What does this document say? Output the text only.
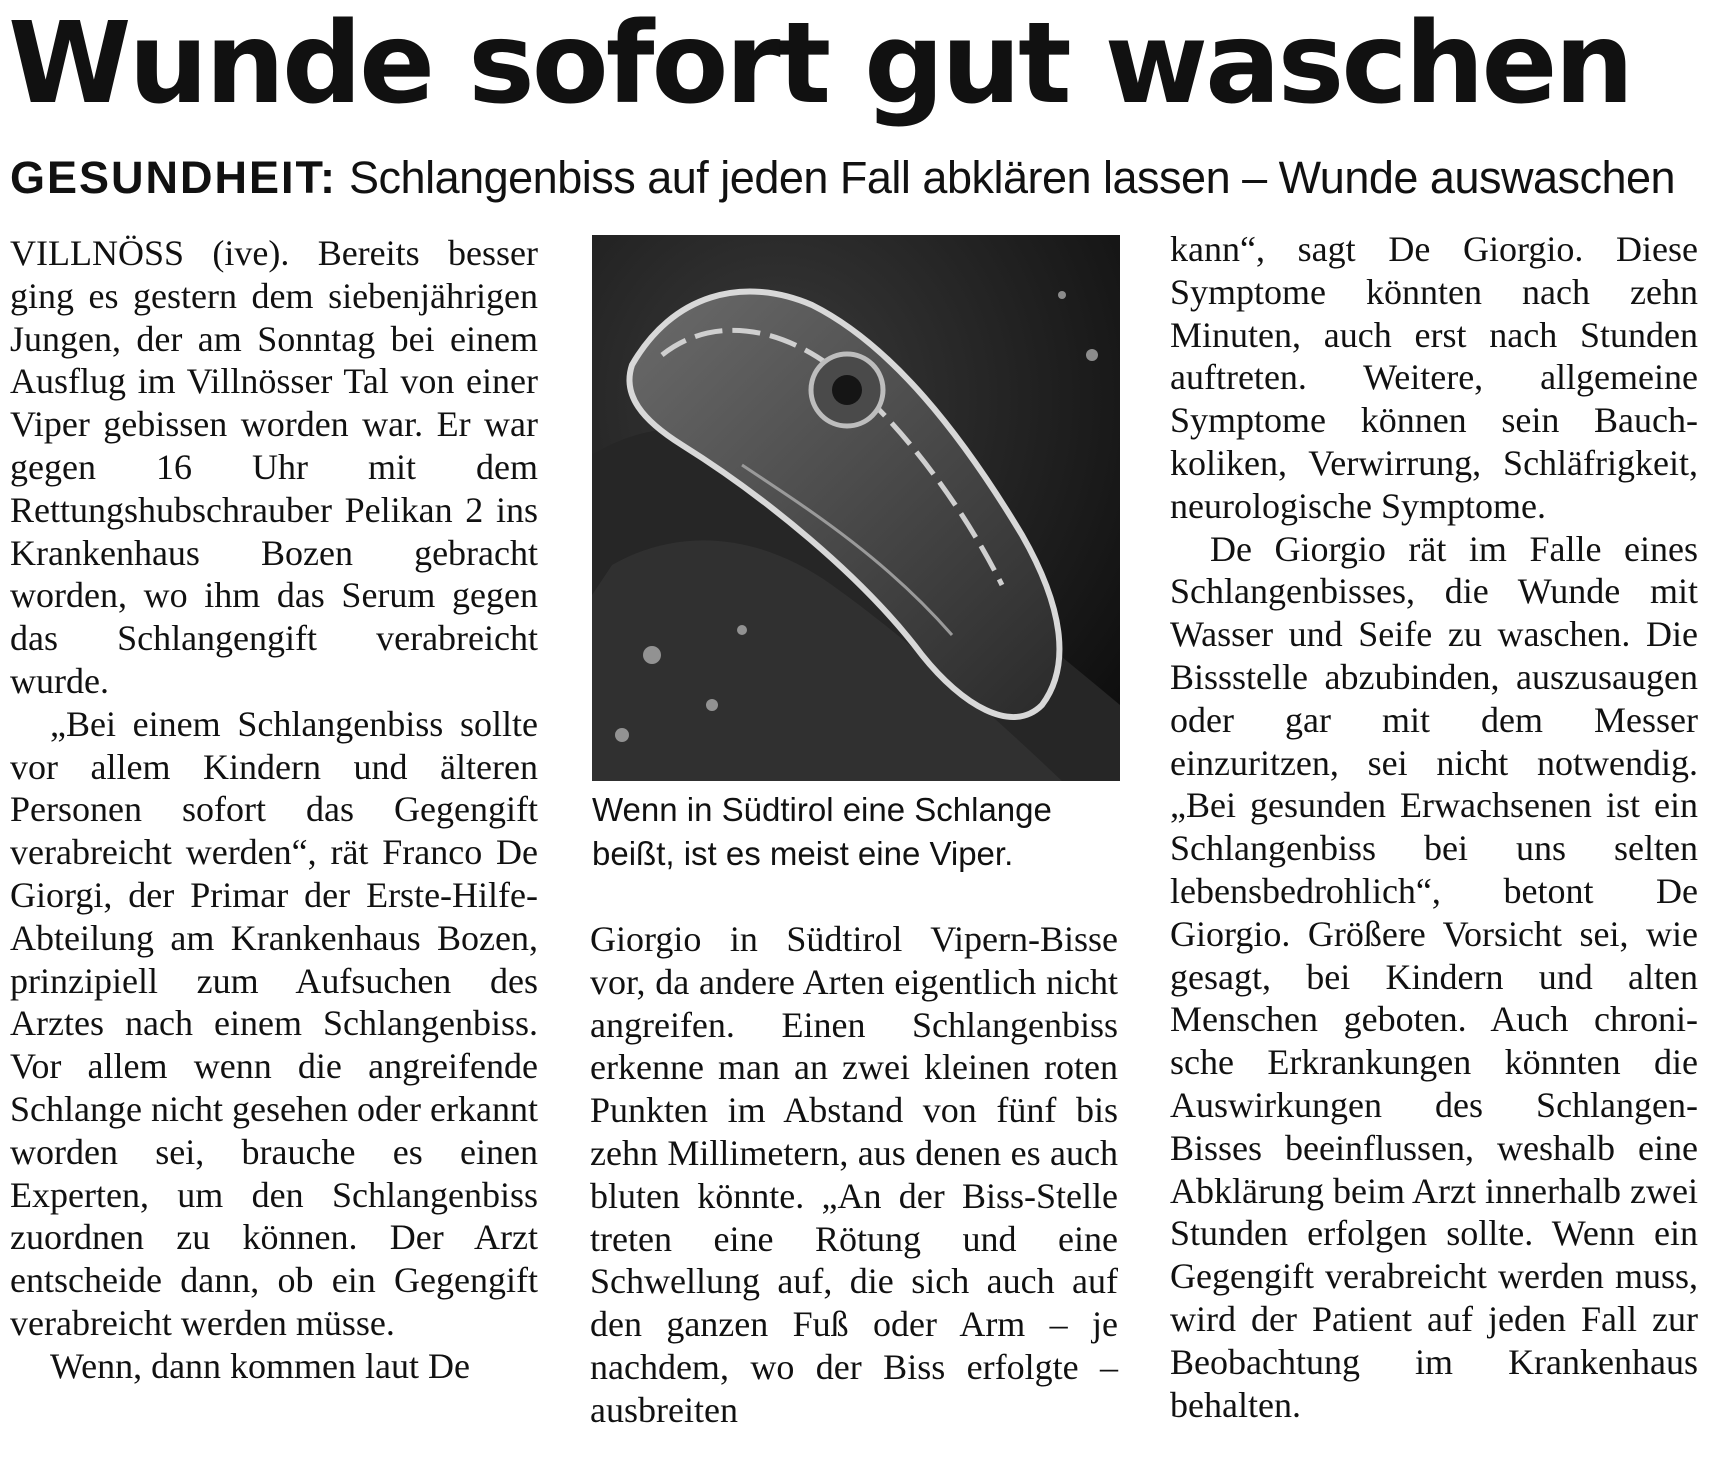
Wunde sofort gut waschen
GESUNDHEIT: Schlangenbiss auf jeden Fall abklären lassen – Wunde auswaschen

VILLNÖSS (ive). Bereits besser ging es gestern dem siebenjährigen Jungen, der am Sonntag bei einem Ausflug im Villnösser Tal von einer Viper gebissen worden war. Er war gegen 16 Uhr mit dem Rettungshubschrauber Pelikan 2 ins Krankenhaus Bozen gebracht worden, wo ihm das Serum gegen das Schlangengift verabreicht wurde.

„Bei einem Schlangenbiss sollte vor allem Kindern und älteren Personen sofort das Gegengift verabreicht werden“, rät Franco De Giorgi, der Primar der Erste-Hilfe-Abteilung am Krankenhaus Bozen, prinzipiell zum Aufsuchen des Arztes nach einem Schlangenbiss. Vor allem wenn die angreifende Schlange nicht gesehen oder erkannt worden sei, brauche es einen Experten, um den Schlangenbiss zuordnen zu können. Der Arzt entscheide dann, ob ein Gegengift verabreicht werden müsse.

Wenn, dann kommen laut De

Wenn in Südtirol eine Schlange beißt, ist es meist eine Viper.

Giorgio in Südtirol Vipern-Bisse vor, da andere Arten eigentlich nicht angreifen. Einen Schlangenbiss erkenne man an zwei kleinen roten Punkten im Abstand von fünf bis zehn Millimetern, aus denen es auch bluten könnte. „An der Biss-Stelle treten eine Rötung und eine Schwellung auf, die sich auch auf den ganzen Fuß oder Arm – je nachdem, wo der Biss erfolgte – ausbreiten

kann“, sagt De Giorgio. Diese Symptome könnten nach zehn Minuten, auch erst nach Stunden auftreten. Weitere, allgemeine Symptome können sein Bauchkoliken, Verwirrung, Schläfrigkeit, neurologische Symptome.

De Giorgio rät im Falle eines Schlangenbisses, die Wunde mit Wasser und Seife zu waschen. Die Bissstelle abzubinden, auszusaugen oder gar mit dem Messer einzuritzen, sei nicht notwendig. „Bei gesunden Erwachsenen ist ein Schlangenbiss bei uns selten lebensbedrohlich“, betont De Giorgio. Größere Vorsicht sei, wie gesagt, bei Kindern und alten Menschen geboten. Auch chronische Erkrankungen könnten die Auswirkungen des Schlangen-Bisses beeinflussen, weshalb eine Abklärung beim Arzt innerhalb zwei Stunden erfolgen sollte. Wenn ein Gegengift verabreicht werden muss, wird der Patient auf jeden Fall zur Beobachtung im Krankenhaus behalten.
